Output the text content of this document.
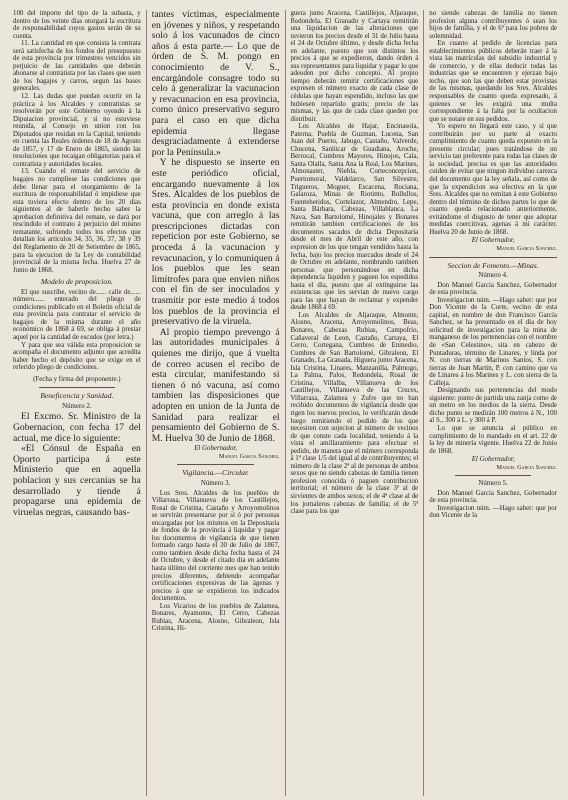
100 del importe del tipo de la subasta, y dentro de los veinte días otorgará la escritura de responsabilidad cuyos gastos serán de su cuenta.

11. La cantidad en que consista la contrata será satisfecha de los fondos del presupuesto de esta provincia por trimestres vencidos sin perjuicio de las cantidades que deberán abonarse al contratista por las clases que usen de los bagajes y carros, segun las bases generales.

12. Las dudas que puedan ocurrir en la práctica á los Alcaldes y contratistas se resolverán por este Gobierno oyendo á la Diputacion provincial, y si no estuviese reunida, al Consejo en union con los Diputados que residan en la Capital, teniendo en cuenta las Reales órdenes de 18 de Agosto de 1857, y 17 de Enero de 1865, siendo las resoluciones que recaigan obligatorias para el contratista y autoridades locales.

13. Cuando el remate del servicio de bagajes no cumpliese las condiciones que debe llenar para el otorgamiento de la escritura de responsabilidad ó impidiese que esta tuviera efecto dentro de los 20 dias siguientes al de haberle hecho saber la aprobacion definitiva del remate, se dará por rescindido el contrato á perjuicio del mismo rematante, sufriendo todos los efectos que detallan los artículos 34, 35, 36, 37, 38 y 39 del Reglamento de 20 de Setiembre de 1865, para la ejecucion de la Ley de contabilidad provincial de la misma fecha. Huelva 27 de Junio de 1868.

Modelo de proposicion.

El que suscribe, vecino de...... calle de...... número...... enterado del pliego de condiciones publicado en el Boletin oficial de esta provincia para contratar el servicio de bagajes de la misma durante el año económico de 1868 á 69, se obliga á prestar aquel por la cantidad de escudos (por letra.)

Y para que sea válida esta proposicion se acompaña el documento adjunto que acredita haber hecho el depósito que se exige en el referido pliego de condiciones.

(Fecha y firma del proponente.)

Beneficencia y Sanidad.

Número 2.

El Excmo. Sr. Ministro de la Gobernacion, con fecha 17 del actual, me dice lo siguiente:

«El Cónsul de España en Oporto participa á este Ministerio que en aquella poblacion y sus cercanías se ha desarrollado y tiende á propagarse una epidemia de viruelas negras, causando bas-

tantes víctimas, especialmente en jóvenes y niños, y respetando solo á los vacunados de cinco años á esta parte.— Lo que de órden de S. M. pongo en conocimiento de V. S., encargándole consagre todo su celo á generalizar la vacunacion y revacunacion en esa provincia, como único preservativo seguro para el caso en que dicha epidemia llegase desgraciadamente á extenderse por la Península.»

Y he dispuesto se inserte en este periódico oficial, encargando nuevamente á los Sres. Alcaldes de los pueblos de esta provincia en donde exista vacuna, que con arreglo á las prescripciones dictadas con repeticion por este Gobierno, se proceda á la vacunacion y revacunacion, y lo comuniquen á los pueblos que les sean limítrofes para que envien niños con el fin de ser inoculados y trasmitir por este medio á todos los pueblos de la provincia el preservativo de la viruela.

Al propio tiempo prevengo á las autoridades municipales á quienes me dirijo, que á vuelta de correo acusen el recibo de esta circular, manifestando si tienen ó nó vacuna, así como tambien las disposiciones que adopten en union de la Junta de Sanidad para realizar el pensamiento del Gobierno de S. M. Huelva 30 de Junio de 1868.

El Gobernador,

Manuel Garcia Sanchez.

Vigilancia.—Circular.

Número 3.

Los Sres. Alcaldes de los pueblos de Villarrasa, Villanueva de los Castillejos, Rosal de Cristina, Castaño y Arroyomolinos se servirán presentarse por sí ó por personas encargadas por los mismos en la Depositaria de fondos de la provincia á liquidar y pagar los documentos de vigilancia de que tienen formado cargo hasta el 30 de Julio de 1867, como tambien desde dicha fecha hasta el 24 de Octubre, y desde el citado dia en adelante hasta último del corriente mes que han tenido precios diferentes, debiendo acompañar certificaciones expresivas de las ágenas y precios á que se expidieron los indicados documentos.

Los Vicarios de los pueblos de Zalamea, Bonares, Ayamonte, El Cerro, Cabezas Rubias, Aracena, Alosno, Gibraleon, Isla Cristina, Hi-

guera junto Aracena, Castillejos, Aljaraque, Redondela, El Granado y Cartaya remitirán una liquidacion de las alteraciones que tuvieron los precios desde el 31 de Julio hasta el 24 de Octubre último, y desde dicha fecha en adelante, puesto que son distintos los precios á que se expedieron, dando órden á sus representantes para liquidar y pagar lo que adeuden por dicho concepto. Al propio tiempo deberán remitir certificaciones que expresen el número exacto de cada clase de cédulas que hayan espendido, incluso las que hubiesen repartido gratis; precio de las mismas, y las que de cada clase queden por distribuir.

Los Alcaldes de Hajar, Encinasola, Paterna, Puebla de Guzman, Lucena, San Juan del Puerto, Jabugo, Castaño, Valverde, Chucena, Sanlúcar de Guadiana, Aroche, Berrocal, Cumbres Mayores, Hinojos, Cala, Santa Olalla, Santa Ana la Real, Los Marines, Almonaster, Niebla, Corteconcepcion, Puertomoral, Valdelarco, San Silvestre, Trigueros, Moguer, Escacena, Rociana, Galaroza, Minas de Riotinto, Bollullos, Fuenteheridos, Cortelazor, Almendro, Lepe, Santa Bárbara, Cabezas, Villablanca, La Nava, San Bartolomé, Hinojales y Bonares remitirán tambien certificaciones de los documentos sacados de dicha Depositaria desde el mes de Abril de este año, con expresion de los que tengan vendidos hasta la fecha, bajo los precios marcados desde el 24 de Octubre en adelante, nombrando tambien personas que personándose en dicha dependencia liquiden y paguen los espedidos hasta el dia, puesto que al extinguirse las existencias que les servian de nuevo cargo para las que hayan de reclamar y expender desde 1868 á 69.

Los Alcaldes de Aljaraque, Almonte, Alosno, Aracena, Arroyomolinos, Beas, Bonares, Cabezas Rubias, Campofrio, Cañaveral de Leon, Castaño, Cartaya, El Cerro, Cortegana, Cumbres de Enmedio, Cumbres de San Bartolomé, Gibraleon, El Granado, La Granada, Higuera junto Aracena, Isla Cristina, Linares, Manzanilla, Palmogo, La Palma, Palos, Redondela, Rosal de Cristina, Villalba, Villanueva de los Castillejos, Villanueva de las Cruces, Villarrasa, Zalamea y Zufre que no han recibido documentos de vigilancia desde que rigen los nuevos precios, lo verificarán desde luego remitiendo el pedido de los que necesiten con sujecion al número de vecinos de que conste cada localidad, teniendo á la vista el amillaramiento para efectuar el pedido, de manera que el número corresponda á 1ª clase 1/5 del igual al de contribuyentes; el número de la clase 2ª al de personas de ambos sexos que no siendo cabezas de familia tienen profesion conocida ó paguen contribucion territorial; el número de la clase 3ª al de sirvientes de ambos sexos; el de 4ª clase al de los jornaleros cabezas de familia; el de 5ª clase para los que

no siendo cabezas de familia no tienen profesion alguna contribuyentes ó sean los hijos de familia, y el de 6ª para los pobres de solemnidad.

En cuanto al pedido de licencias para establecimientos públicos deberán traer á la vista las matrículas del subsidio industrial y de comercio, y de ellas deducir todas las industrias que se encuentren y ejerzan bajo techo, que son las que deben estar provistas de las mismas, quedando los Sres. Alcaldes responsables de cuanto queda expresado, á quienes se les exigirá una multa correspondiente á la falta por la ocultacion que se notare en sus pedidos.

Yo espero no llegará este caso, y sí que contribuirán por su parte al exacto cumplimiento de cuanto queda expuesto en la presente circular; pues tratándose de un servicio tan preferente para todas las clases de la sociedad, precisa es que las autoridades cuiden de evitar que ningun individuo carezca del documento que la ley señala, así como de que la expendicion sea efectiva en la que Sres. Alcaldes que no remitan á este Gobierno dentro del término de dichos partes lo que de cuanto queda relacionado anteriormente, evitándome el disgusto de tener que adoptar medidas coercitivas, agenas á mi carácter. Huelva 20 de Junio de 1868.

El Gobernador,

Manuel Garcia Sanchez.

Seccion de Fomento.—Minas.

Número 4.

Don Manuel Garcia Sanchez, Gobernador de esta provincia.

Investigacion núm. —Hago saber: que por Don Vicente de la Corte, vecino de esta capital, en nombre de don Francisco García Sanchez, se ha presentado en el dia de hoy solicitud de investigacion para la mina de manganeso de los pertenencias con el nombre de «San Celestino», sita en cabezo de Puntaduras, término de Linares, y linda por N. con tierras de Marinos Santos, S. con tierras de Juan Martin, P. con camino que va de Linares á los Marines y L. con sierra de la Calleja.

Designando sus pertenencias del modo siguiente: punto de partida una zanja como de un metro en los medios de la sierra. Desde dicho punto se medirán 100 metros á N., 100 al S., 300 á L. y 300 á P.

Lo que se anuncia al público en cumplimiento de lo mandado en el art. 22 de la ley de minería vigente. Huelva 22 de Junio de 1868.

El Gobernador,

Manuel Garcia Sanchez.

Número 5.

Don Manuel Garcia Sanchez, Gobernador de esta provincia.

Investigacion núm. —Hago saber: que por don Vicente de la
